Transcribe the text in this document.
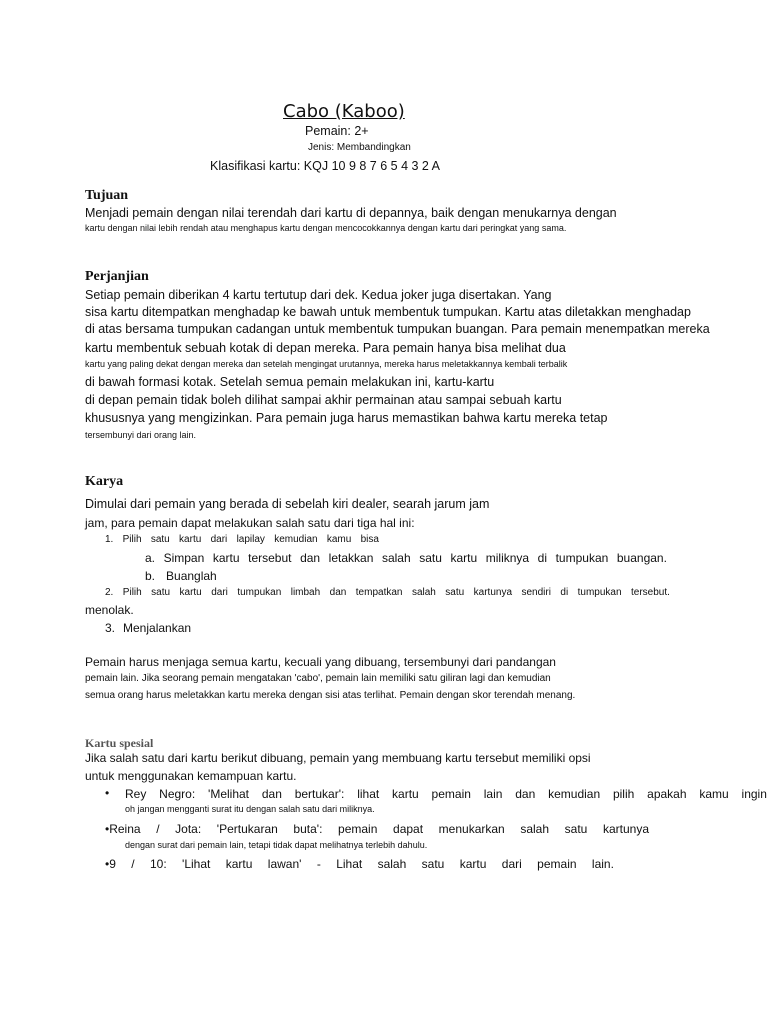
Cabo (Kaboo)
Pemain: 2+
Jenis: Membandingkan
Klasifikasi kartu: KQJ 10 9 8 7 6 5 4 3 2 A
Tujuan
Menjadi pemain dengan nilai terendah dari kartu di depannya, baik dengan menukarnya dengan
kartu dengan nilai lebih rendah atau menghapus kartu dengan mencocokkannya dengan kartu dari peringkat yang sama.
Perjanjian
Setiap pemain diberikan 4 kartu tertutup dari dek. Kedua joker juga disertakan. Yang
sisa kartu ditempatkan menghadap ke bawah untuk membentuk tumpukan. Kartu atas diletakkan menghadap
di atas bersama tumpukan cadangan untuk membentuk tumpukan buangan. Para pemain menempatkan mereka
kartu membentuk sebuah kotak di depan mereka. Para pemain hanya bisa melihat dua
kartu yang paling dekat dengan mereka dan setelah mengingat urutannya, mereka harus meletakkannya kembali terbalik
di bawah formasi kotak. Setelah semua pemain melakukan ini, kartu-kartu
di depan pemain tidak boleh dilihat sampai akhir permainan atau sampai sebuah kartu
khususnya yang mengizinkan. Para pemain juga harus memastikan bahwa kartu mereka tetap
tersembunyi dari orang lain.
Karya
Dimulai dari pemain yang berada di sebelah kiri dealer, searah jarum jam
jam, para pemain dapat melakukan salah satu dari tiga hal ini:
1. Pilih satu kartu dari lapilay kemudian kamu bisa
a. Simpan kartu tersebut dan letakkan salah satu kartu miliknya di tumpukan buangan.
b. Buanglah
2. Pilih satu kartu dari tumpukan limbah dan tempatkan salah satu kartunya sendiri di tumpukan tersebut.
menolak.
3. Menjalankan
Pemain harus menjaga semua kartu, kecuali yang dibuang, tersembunyi dari pandangan
pemain lain. Jika seorang pemain mengatakan 'cabo', pemain lain memiliki satu giliran lagi dan kemudian
semua orang harus meletakkan kartu mereka dengan sisi atas terlihat. Pemain dengan skor terendah menang.
Kartu spesial
Jika salah satu dari kartu berikut dibuang, pemain yang membuang kartu tersebut memiliki opsi
untuk menggunakan kemampuan kartu.
• Rey Negro: 'Melihat dan bertukar': lihat kartu pemain lain dan kemudian pilih apakah kamu ingin
oh jangan mengganti surat itu dengan salah satu dari miliknya.
•Reina / Jota: 'Pertukaran buta': pemain dapat menukarkan salah satu kartunya
dengan surat dari pemain lain, tetapi tidak dapat melihatnya terlebih dahulu.
•9 / 10: 'Lihat kartu lawan' - Lihat salah satu kartu dari pemain lain.
